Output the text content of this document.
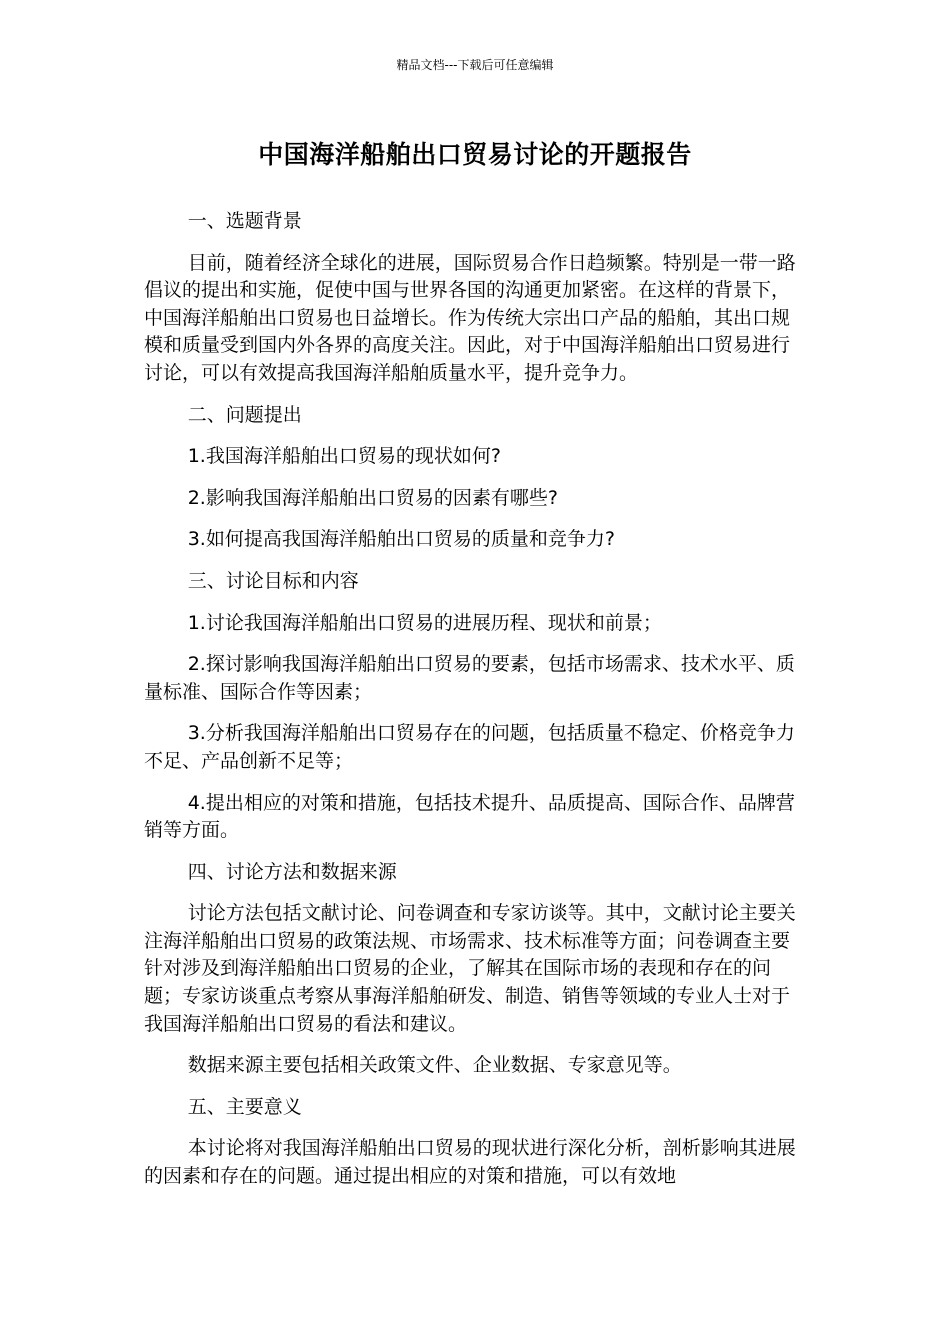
精品文档---下载后可任意编辑
中国海洋船舶出口贸易讨论的开题报告

一、选题背景

目前，随着经济全球化的进展，国际贸易合作日趋频繁。特别是一带一路倡议的提出和实施，促使中国与世界各国的沟通更加紧密。在这样的背景下，中国海洋船舶出口贸易也日益增长。作为传统大宗出口产品的船舶，其出口规模和质量受到国内外各界的高度关注。因此，对于中国海洋船舶出口贸易进行讨论，可以有效提高我国海洋船舶质量水平，提升竞争力。

二、问题提出

1.我国海洋船舶出口贸易的现状如何?

2.影响我国海洋船舶出口贸易的因素有哪些?

3.如何提高我国海洋船舶出口贸易的质量和竞争力?

三、讨论目标和内容

1.讨论我国海洋船舶出口贸易的进展历程、现状和前景；

2.探讨影响我国海洋船舶出口贸易的要素，包括市场需求、技术水平、质量标准、国际合作等因素；

3.分析我国海洋船舶出口贸易存在的问题，包括质量不稳定、价格竞争力不足、产品创新不足等；

4.提出相应的对策和措施，包括技术提升、品质提高、国际合作、品牌营销等方面。

四、讨论方法和数据来源

讨论方法包括文献讨论、问卷调查和专家访谈等。其中，文献讨论主要关注海洋船舶出口贸易的政策法规、市场需求、技术标准等方面；问卷调查主要针对涉及到海洋船舶出口贸易的企业，了解其在国际市场的表现和存在的问题；专家访谈重点考察从事海洋船舶研发、制造、销售等领域的专业人士对于我国海洋船舶出口贸易的看法和建议。

数据来源主要包括相关政策文件、企业数据、专家意见等。

五、主要意义

本讨论将对我国海洋船舶出口贸易的现状进行深化分析，剖析影响其进展的因素和存在的问题。通过提出相应的对策和措施，可以有效地
